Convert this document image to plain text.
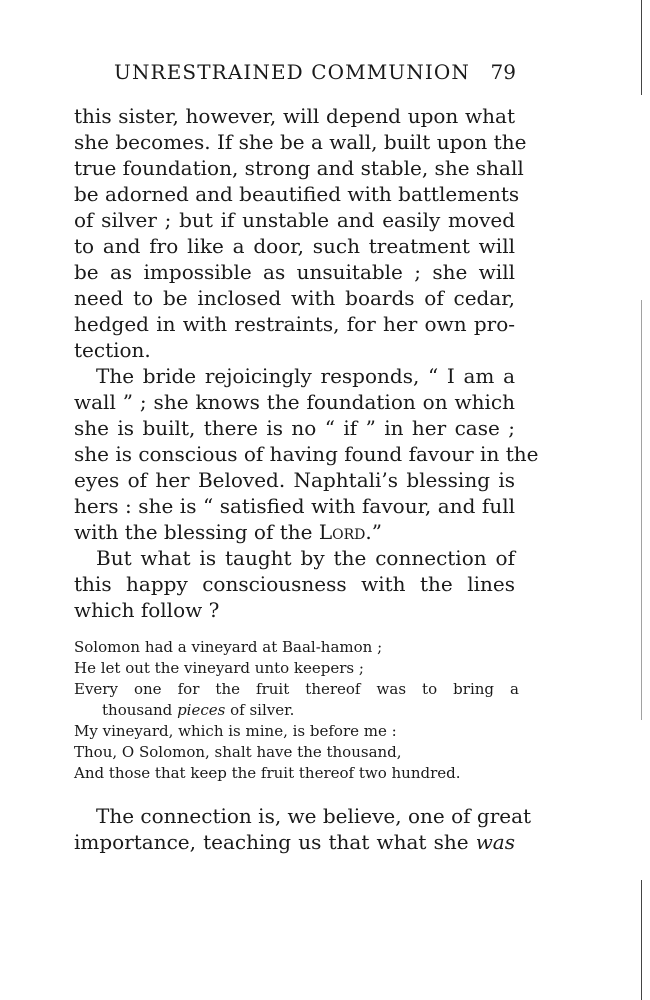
UNRESTRAINED COMMUNION 79
this sister, however, will depend upon what
she becomes. If she be a wall, built upon the
true foundation, strong and stable, she shall
be adorned and beautified with battlements
of silver ; but if unstable and easily moved
to and fro like a door, such treatment will
be as impossible as unsuitable ; she will
need to be inclosed with boards of cedar,
hedged in with restraints, for her own pro-
tection.
The bride rejoicingly responds, “ I am a
wall ” ; she knows the foundation on which
she is built, there is no “ if ” in her case ;
she is conscious of having found favour in the
eyes of her Beloved. Naphtali’s blessing is
hers : she is “ satisfied with favour, and full
with the blessing of the Lord.”
But what is taught by the connection of
this happy consciousness with the lines
which follow ?
Solomon had a vineyard at Baal-hamon ;
He let out the vineyard unto keepers ;
Every one for the fruit thereof was to bring a
thousand pieces of silver.
My vineyard, which is mine, is before me :
Thou, O Solomon, shalt have the thousand,
And those that keep the fruit thereof two hundred.
The connection is, we believe, one of great
importance, teaching us that what she was
